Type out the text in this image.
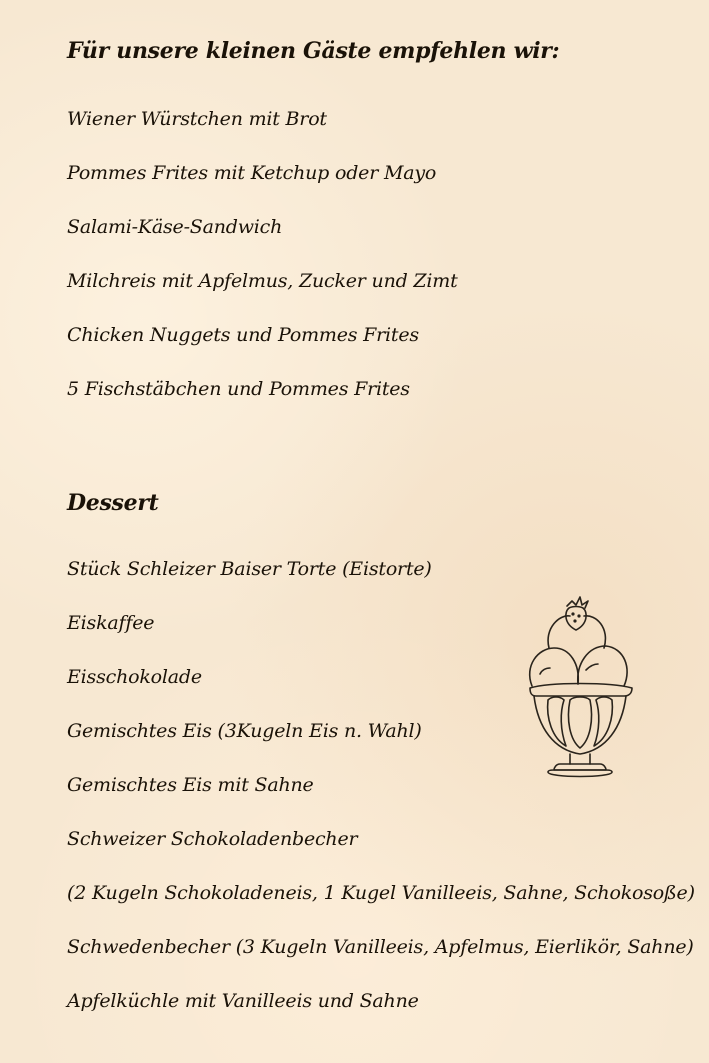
Für unsere kleinen Gäste empfehlen wir:

Wiener Würstchen mit Brot

Pommes Frites mit Ketchup oder Mayo

Salami-Käse-Sandwich

Milchreis mit Apfelmus, Zucker und Zimt

Chicken Nuggets und Pommes Frites

5 Fischstäbchen und Pommes Frites

Dessert

Stück Schleizer Baiser Torte (Eistorte)

Eiskaffee

Eisschokolade

Gemischtes Eis (3Kugeln Eis n. Wahl)

Gemischtes Eis mit Sahne

Schweizer Schokoladenbecher

(2 Kugeln Schokoladeneis, 1 Kugel Vanilleeis, Sahne, Schokosoße)

Schwedenbecher (3 Kugeln Vanilleeis, Apfelmus, Eierlikör, Sahne)

Apfelküchle mit Vanilleeis und Sahne
